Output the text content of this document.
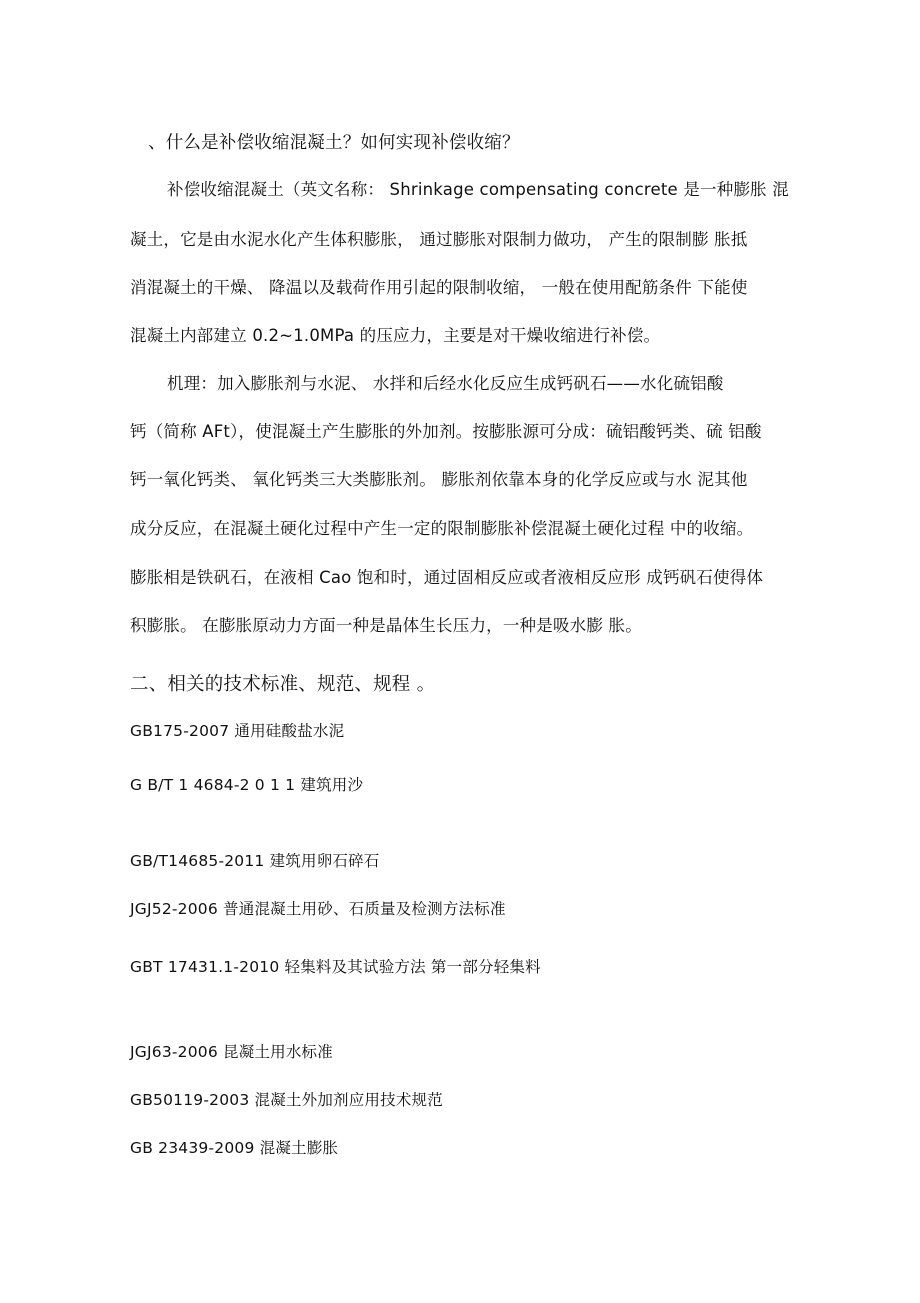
、什么是补偿收缩混凝土？如何实现补偿收缩？
补偿收缩混凝土（英文名称： Shrinkage compensating concrete 是一种膨胀 混
凝土，它是由水泥水化产生体积膨胀， 通过膨胀对限制力做功， 产生的限制膨 胀抵
消混凝土的干燥、 降温以及载荷作用引起的限制收缩， 一般在使用配筋条件 下能使
混凝土内部建立 0.2~1.0MPa 的压应力，主要是对干燥收缩进行补偿。
机理：加入膨胀剂与水泥、 水拌和后经水化反应生成钙矾石——水化硫铝酸
钙（简称 AFt），使混凝土产生膨胀的外加剂。按膨胀源可分成：硫铝酸钙类、硫 铝酸
钙一氧化钙类、 氧化钙类三大类膨胀剂。 膨胀剂依靠本身的化学反应或与水 泥其他
成分反应，在混凝土硬化过程中产生一定的限制膨胀补偿混凝土硬化过程 中的收缩。
膨胀相是铁矾石，在液相 Cao 饱和时，通过固相反应或者液相反应形 成钙矾石使得体
积膨胀。 在膨胀原动力方面一种是晶体生长压力，一种是吸水膨 胀。
二、相关的技术标准、规范、规程 。
GB175-2007 通用硅酸盐水泥
G B/T 1 4684-2 0 1 1 建筑用沙
GB/T14685-2011 建筑用卵石碎石
JGJ52-2006 普通混凝土用砂、石质量及检测方法标准
GBT 17431.1-2010 轻集料及其试验方法 第一部分轻集料
JGJ63-2006 昆凝土用水标准
GB50119-2003 混凝土外加剂应用技术规范
GB 23439-2009 混凝土膨胀
